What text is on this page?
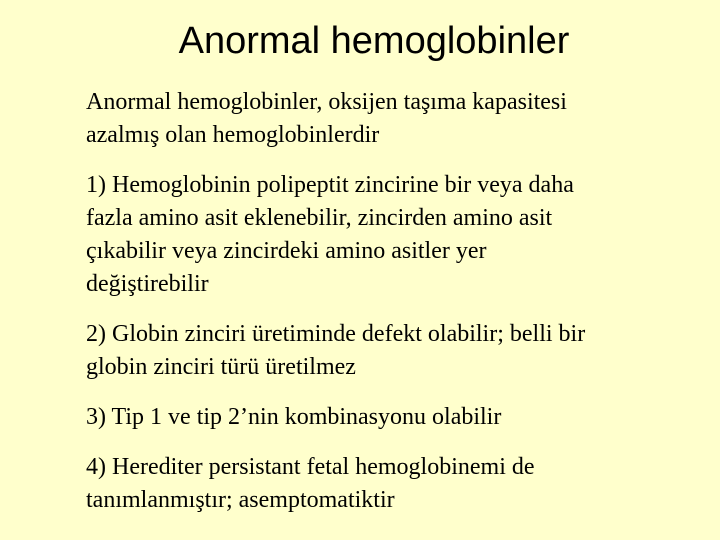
Anormal hemoglobinler

Anormal hemoglobinler, oksijen taşıma kapasitesi
azalmış olan hemoglobinlerdir

1) Hemoglobinin polipeptit zincirine bir veya daha
fazla amino asit eklenebilir, zincirden amino asit
çıkabilir veya zincirdeki amino asitler yer
değiştirebilir

2) Globin zinciri üretiminde defekt olabilir; belli bir
globin zinciri türü üretilmez

3) Tip 1 ve tip 2’nin kombinasyonu olabilir

4) Herediter persistant fetal hemoglobinemi de
tanımlanmıştır; asemptomatiktir
